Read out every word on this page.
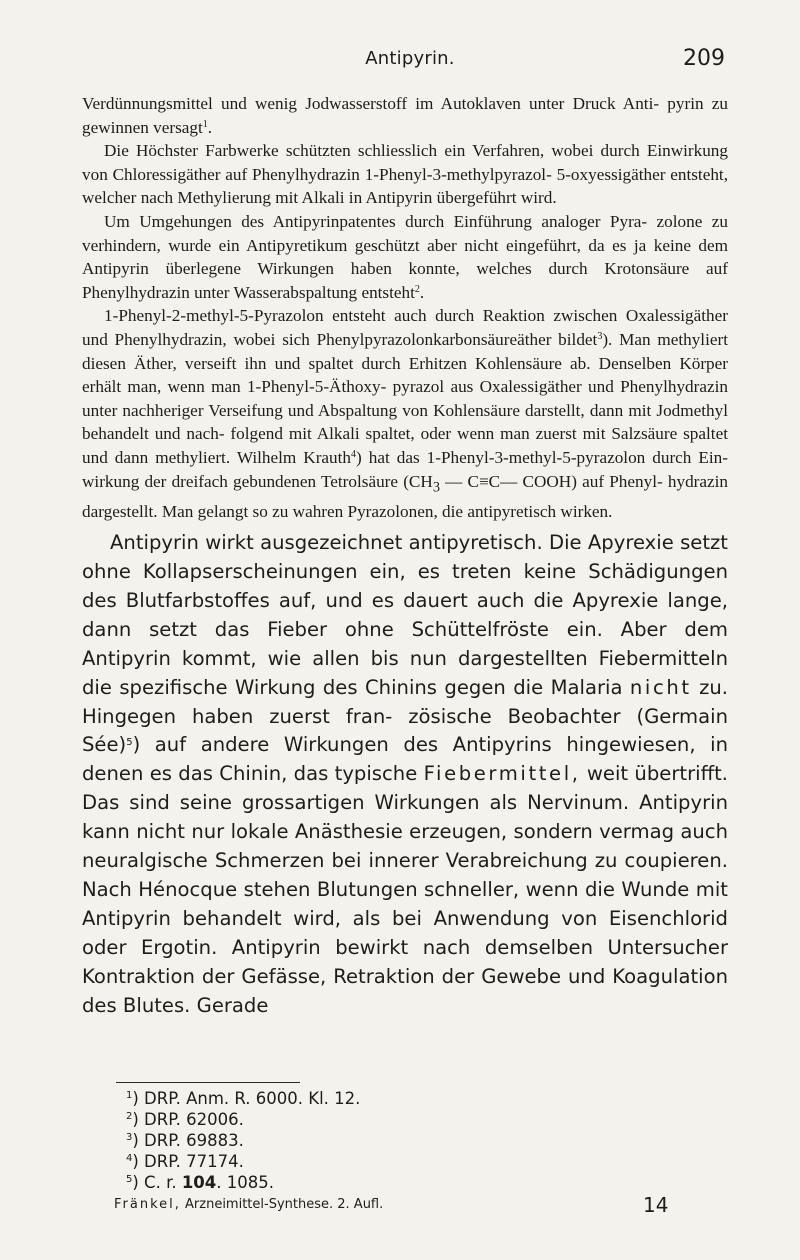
Antipyrin.	209

Verdünnungsmittel und wenig Jodwasserstoff im Autoklaven unter Druck Anti- pyrin zu gewinnen versagt$^1$.

Die Höchster Farbwerke schützten schliesslich ein Verfahren, wobei durch Einwirkung von Chloressigäther auf Phenylhydrazin 1-Phenyl-3-methylpyrazol- 5-oxyessigäther entsteht, welcher nach Methylierung mit Alkali in Antipyrin übergeführt wird.

Um Umgehungen des Antipyrinpatentes durch Einführung analoger Pyra- zolone zu verhindern, wurde ein Antipyretikum geschützt aber nicht eingeführt, da es ja keine dem Antipyrin überlegene Wirkungen haben konnte, welches durch Krotonsäure auf Phenylhydrazin unter Wasserabspaltung entsteht$^2$.

1-Phenyl-2-methyl-5-Pyrazolon entsteht auch durch Reaktion zwischen Oxalessigäther und Phenylhydrazin, wobei sich Phenylpyrazolonkarbonsäureäther bildet$^3$). Man methyliert diesen Äther, verseift ihn und spaltet durch Erhitzen Kohlensäure ab. Denselben Körper erhält man, wenn man 1-Phenyl-5-Äthoxy- pyrazol aus Oxalessigäther und Phenylhydrazin unter nachheriger Verseifung und Abspaltung von Kohlensäure darstellt, dann mit Jodmethyl behandelt und nach- folgend mit Alkali spaltet, oder wenn man zuerst mit Salzsäure spaltet und dann methyliert. Wilhelm Krauth$^4$) hat das 1-Phenyl-3-methyl-5-pyrazolon durch Ein- wirkung der dreifach gebundenen Tetrolsäure ($CH_3$ — C≡C— COOH) auf Phenyl- hydrazin dargestellt. Man gelangt so zu wahren Pyrazolonen, die antipyretisch wirken.

Antipyrin wirkt ausgezeichnet antipyretisch. Die Apyrexie setzt ohne Kollapserscheinungen ein, es treten keine Schädigungen des Blutfarbstoffes auf, und es dauert auch die Apyrexie lange, dann setzt das Fieber ohne Schüttelfröste ein. Aber dem Antipyrin kommt, wie allen bis nun dargestellten Fiebermitteln die spezifische Wirkung des Chinins gegen die Malaria nicht zu. Hingegen haben zuerst fran- zösische Beobachter (Germain Sée)$^5$) auf andere Wirkungen des Antipyrins hingewiesen, in denen es das Chinin, das typische Fiebermittel, weit übertrifft. Das sind seine grossartigen Wirkungen als Nervinum. Antipyrin kann nicht nur lokale Anästhesie erzeugen, sondern vermag auch neuralgische Schmerzen bei innerer Verabreichung zu coupieren. Nach Hénocque stehen Blutungen schneller, wenn die Wunde mit Antipyrin behandelt wird, als bei Anwendung von Eisenchlorid oder Ergotin. Antipyrin bewirkt nach demselben Untersucher Kontraktion der Gefässe, Retraktion der Gewebe und Koagulation des Blutes. Gerade

$^1$) DRP. Anm. R. 6000. Kl. 12.

$^2$) DRP. 62006.

$^3$) DRP. 69883.

$^4$) DRP. 77174.

$^5$) C. r. 104. 1085.

Fränkel, Arzneimittel-Synthese. 2. Aufl.	14
